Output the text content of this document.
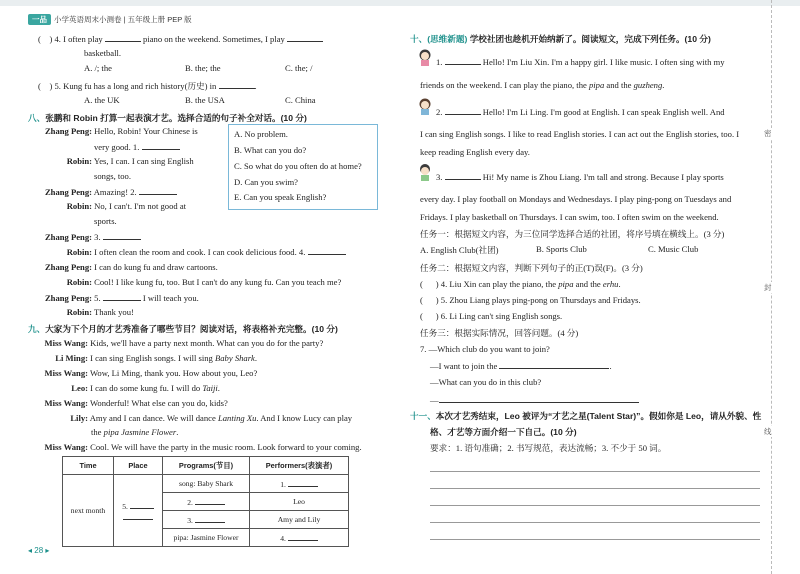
一品 小学英语周末小测卷 | 五年级上册 PEP 版
( ) 4. I often play	piano on the weekend. Sometimes, I play
basketball.
A. /; the	B. the; the	C. the; /
( ) 5. Kung fu has a long and rich history(历史) in	.
A. the UK	B. the USA	C. China
八、张鹏和 Robin 打算一起表演才艺。选择合适的句子补全对话。(10 分)
A. No problem.
B. What can you do?
C. So what do you often do at home?
D. Can you swim?
E. Can you speak English?
Zhang Peng: Hello, Robin! Your Chinese is
very good. 1.
Robin: Yes, I can. I can sing English
songs, too.
Zhang Peng: Amazing! 2.
Robin: No, I can't. I'm not good at
sports.
Zhang Peng: 3.
Robin: I often clean the room and cook. I can cook delicious food. 4.
Zhang Peng: I can do kung fu and draw cartoons.
Robin: Cool! I like kung fu, too. But I can't do any kung fu. Can you teach me?
Zhang Peng: 5.	I will teach you.
Robin: Thank you!
九、大家为下个月的才艺秀准备了哪些节目？阅读对话，将表格补充完整。(10 分)
Miss Wang: Kids, we'll have a party next month. What can you do for the party?
Li Ming: I can sing English songs. I will sing Baby Shark.
Miss Wang: Wow, Li Ming, thank you. How about you, Leo?
Leo: I can do some kung fu. I will do Taiji.
Miss Wang: Wonderful! What else can you do, kids?
Lily: Amy and I can dance. We will dance Lanting Xu. And I know Lucy can play
the pipa Jasmine Flower.
Miss Wang: Cool. We will have the party in the music room. Look forward to your coming.
Time	Place	Programs(节目)	Performers(表演者)
next month	5.	song: Baby Shark	1.
		2.	Leo
		3.	Amy and Lily
		pipa: Jasmine Flower	4.
◂ 28 ▸
十、(思维新题) 学校社团也趁机开始纳新了。阅读短文，完成下列任务。(10 分)
1.	Hello! I'm Liu Xin. I'm a happy girl. I like music. I often sing with my
friends on the weekend. I can play the piano, the pipa and the guzheng.
2.	Hello! I'm Li Ling. I'm good at English. I can speak English well. And
I can sing English songs. I like to read English stories. I can act out the English stories, too. I
keep reading English every day.
3.	Hi! My name is Zhou Liang. I'm tall and strong. Because I play sports
every day. I play football on Mondays and Wednesdays. I play ping-pong on Tuesdays and
Fridays. I play basketball on Thursdays. I can swim, too. I often swim on the weekend.
任务一：根据短文内容，为三位同学选择合适的社团，将序号填在横线上。(3 分)
A. English Club(社团)	B. Sports Club	C. Music Club
任务二：根据短文内容，判断下列句子的正(T)误(F)。(3 分)
(      ) 4. Liu Xin can play the piano, the pipa and the erhu.
(      ) 5. Zhou Liang plays ping-pong on Thursdays and Fridays.
(      ) 6. Li Ling can't sing English songs.
任务三：根据实际情况，回答问题。(4 分)
7. —Which club do you want to join?
—I want to join the	.
—What can you do in this club?
—
十一、本次才艺秀结束，Leo 被评为“才艺之星(Talent Star)”。假如你是 Leo，请从外貌、性
格、才艺等方面介绍一下自己。(10 分)
要求：1. 语句准确；2. 书写规范，表达流畅；3. 不少于 50 词。
密
封
线
